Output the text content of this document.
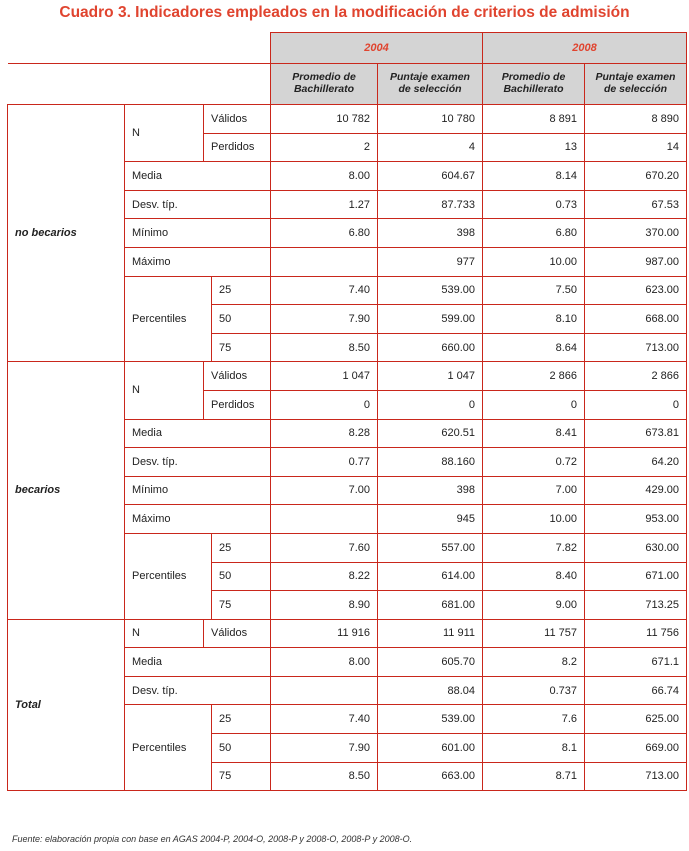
Cuadro 3. Indicadores empleados en la modificación de criterios de admisión
				2004		2008	
				Promedio de Bachillerato	Puntaje examen de selección	Promedio de Bachillerato	Puntaje examen de selección
no becarios	N	Válidos		10 782	10 780	8 891	8 890
		Perdidos		2	4	13	14
	Media			8.00	604.67	8.14	670.20
	Desv. típ.			1.27	87.733	0.73	67.53
	Mínimo			6.80	398	6.80	370.00
	Máximo				977	10.00	987.00
	Percentiles		25	7.40	539.00	7.50	623.00
			50	7.90	599.00	8.10	668.00
			75	8.50	660.00	8.64	713.00
becarios	N	Válidos		1 047	1 047	2 866	2 866
		Perdidos		0	0	0	0
	Media			8.28	620.51	8.41	673.81
	Desv. típ.			0.77	88.160	0.72	64.20
	Mínimo			7.00	398	7.00	429.00
	Máximo				945	10.00	953.00
	Percentiles		25	7.60	557.00	7.82	630.00
			50	8.22	614.00	8.40	671.00
			75	8.90	681.00	9.00	713.25
Total	N	Válidos		11 916	11 911	11 757	11 756
	Media			8.00	605.70	8.2	671.1
	Desv. típ.				88.04	0.737	66.74
	Percentiles		25	7.40	539.00	7.6	625.00
			50	7.90	601.00	8.1	669.00
			75	8.50	663.00	8.71	713.00
Fuente: elaboración propia con base en AGAS 2004-P, 2004-O, 2008-P y 2008-O, 2008-P y 2008-O.
